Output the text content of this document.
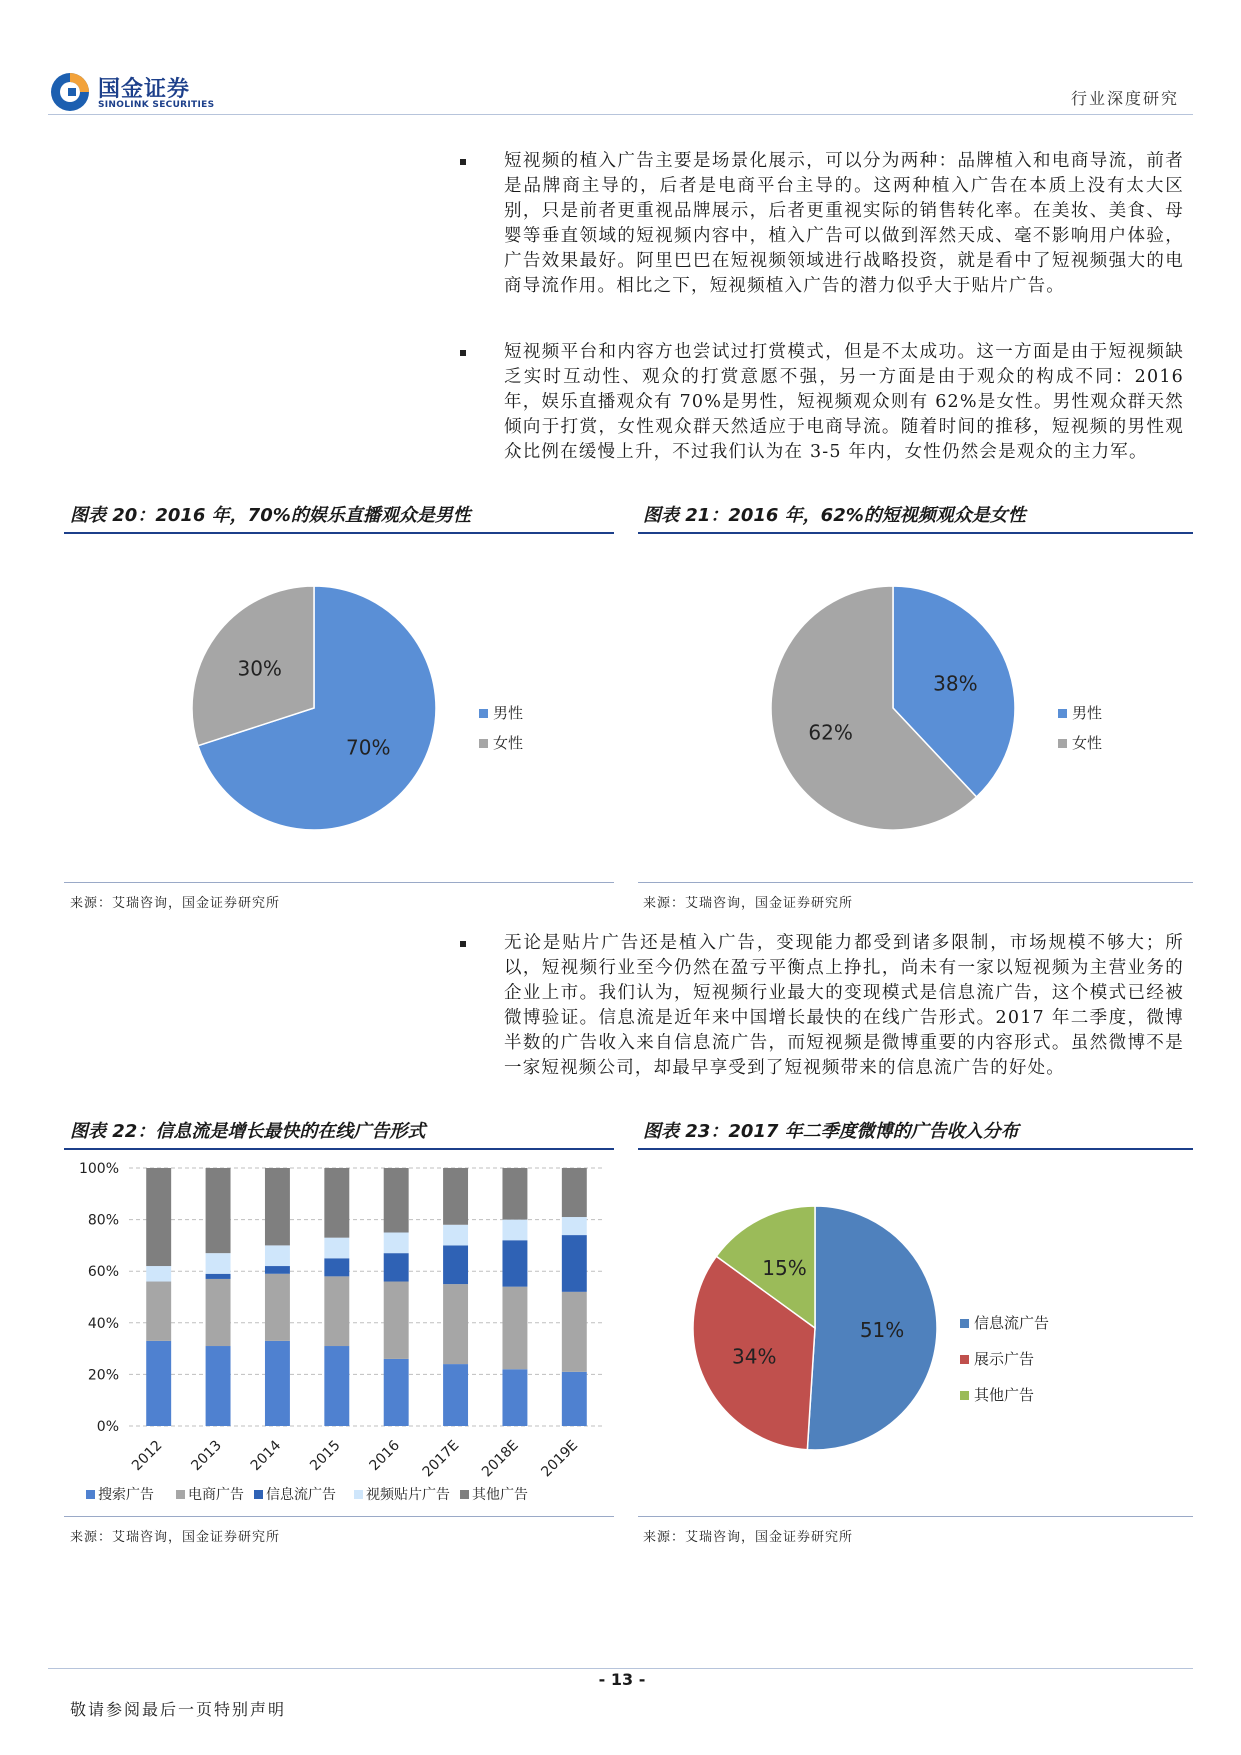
国金证券
SINOLINK SECURITIES	行业深度研究

短视频的植入广告主要是场景化展示，可以分为两种：品牌植入和电商导流，前者是品牌商主导的，后者是电商平台主导的。这两种植入广告在本质上没有太大区别，只是前者更重视品牌展示，后者更重视实际的销售转化率。在美妆、美食、母婴等垂直领域的短视频内容中，植入广告可以做到浑然天成、毫不影响用户体验，广告效果最好。阿里巴巴在短视频领域进行战略投资，就是看中了短视频强大的电商导流作用。相比之下，短视频植入广告的潜力似乎大于贴片广告。

短视频平台和内容方也尝试过打赏模式，但是不太成功。这一方面是由于短视频缺乏实时互动性、观众的打赏意愿不强，另一方面是由于观众的构成不同：2016 年，娱乐直播观众有 70%是男性，短视频观众则有 62%是女性。男性观众群天然倾向于打赏，女性观众群天然适应于电商导流。随着时间的推移，短视频的男性观众比例在缓慢上升，不过我们认为在 3-5 年内，女性仍然会是观众的主力军。

图表 20：2016 年，70%的娱乐直播观众是男性
70%
30%
男性
女性
来源：艾瑞咨询，国金证券研究所
图表 21：2016 年，62%的短视频观众是女性
38%
62%
男性
女性
来源：艾瑞咨询，国金证券研究所

无论是贴片广告还是植入广告，变现能力都受到诸多限制，市场规模不够大；所以，短视频行业至今仍然在盈亏平衡点上挣扎，尚未有一家以短视频为主营业务的企业上市。我们认为，短视频行业最大的变现模式是信息流广告，这个模式已经被微博验证。信息流是近年来中国增长最快的在线广告形式。2017 年二季度，微博半数的广告收入来自信息流广告，而短视频是微博重要的内容形式。虽然微博不是一家短视频公司，却最早享受到了短视频带来的信息流广告的好处。

图表 22：信息流是增长最快的在线广告形式
0%
20%
40%
60%
80%
100%
2012 2013 2014 2015 2016 2017E 2018E 2019E
搜索广告 电商广告 信息流广告 视频贴片广告 其他广告
来源：艾瑞咨询，国金证券研究所
图表 23：2017 年二季度微博的广告收入分布
51%
34%
15%
信息流广告
展示广告
其他广告
来源：艾瑞咨询，国金证券研究所
- 13 -
敬请参阅最后一页特别声明
